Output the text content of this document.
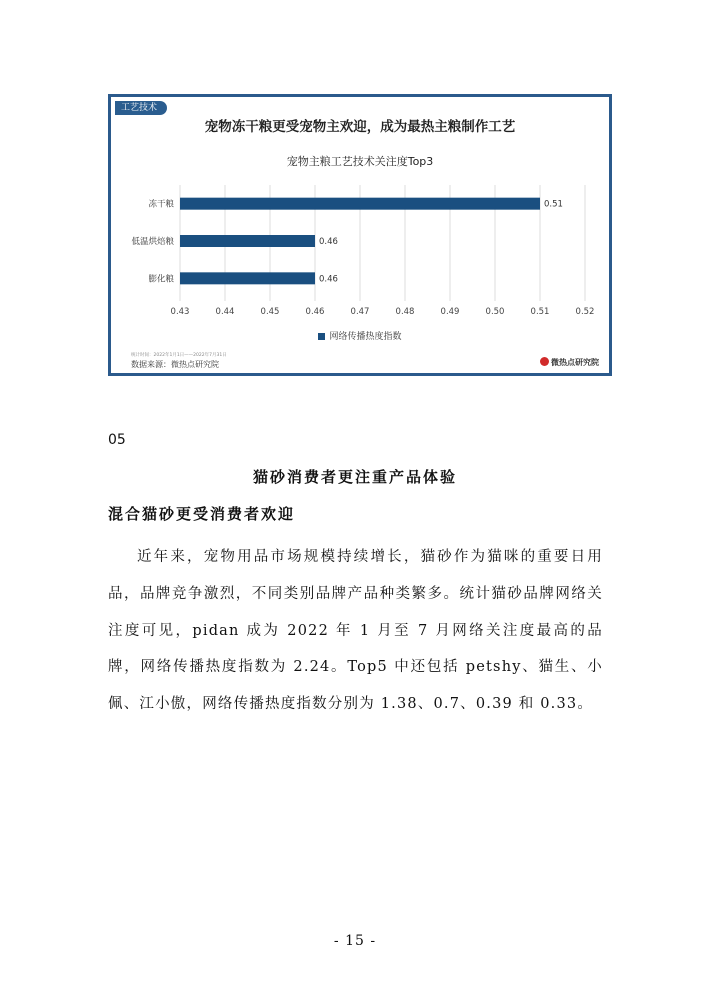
工艺技术
宠物冻干粮更受宠物主欢迎，成为最热主粮制作工艺
宠物主粮工艺技术关注度Top3
0.43	0.44	0.45	0.46	0.47	0.48	0.49	0.50	0.51	0.52
冻干粮	0.51
低温烘焙粮	0.46
膨化粮	0.46
网络传播热度指数
统计时间：2022年1月1日——2022年7月31日
数据来源：微热点研究院	微热点研究院
05
猫砂消费者更注重产品体验
混合猫砂更受消费者欢迎

近年来，宠物用品市场规模持续增长，猫砂作为猫咪的重要日用品，品牌竞争激烈，不同类别品牌产品种类繁多。统计猫砂品牌网络关注度可见，pidan 成为 2022 年 1 月至 7 月网络关注度最高的品牌，网络传播热度指数为 2.24。Top5 中还包括 petshy、猫生、小佩、江小傲，网络传播热度指数分别为 1.38、0.7、0.39 和 0.33。

- 15 -
